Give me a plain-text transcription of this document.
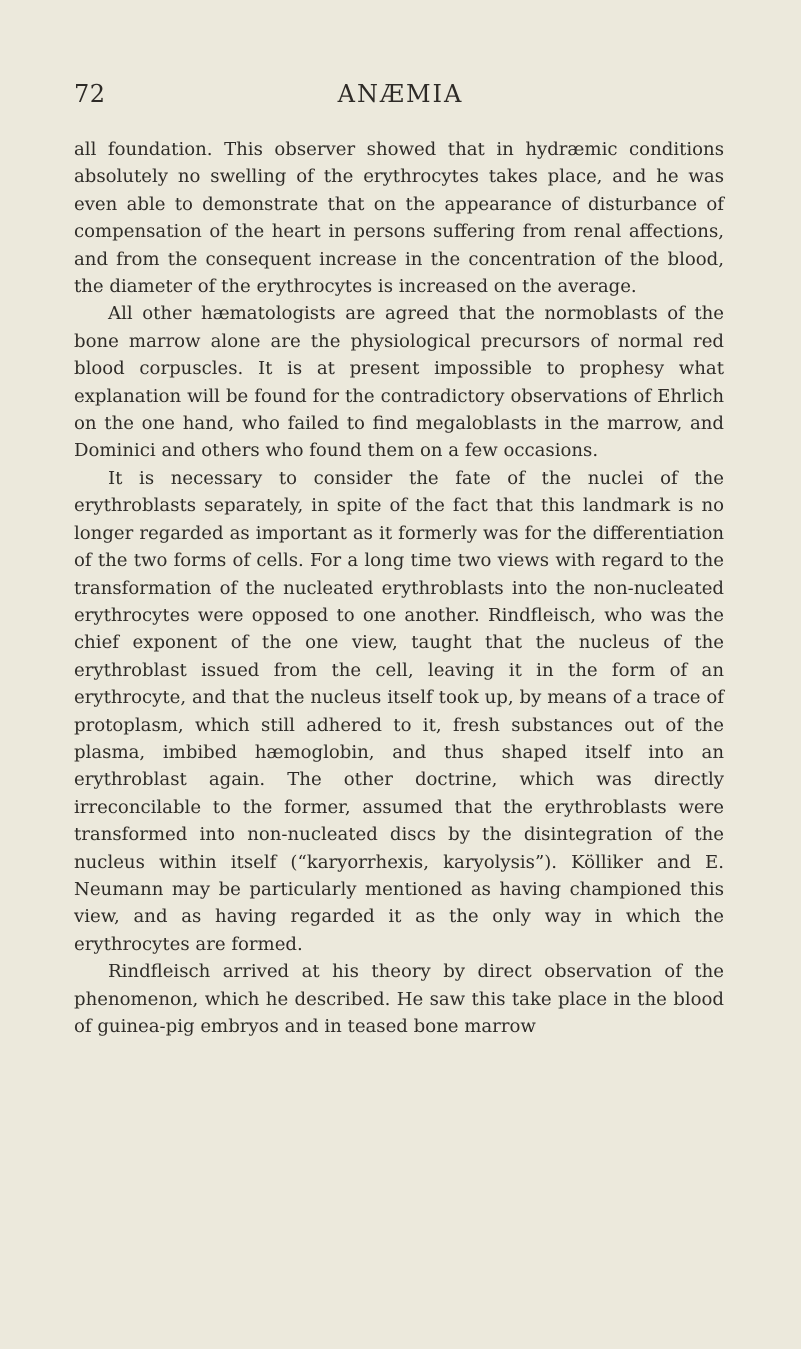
72	ANÆMIA

all foundation. This observer showed that in hydræmic conditions absolutely no swelling of the erythrocytes takes place, and he was even able to demonstrate that on the appearance of disturbance of compensation of the heart in persons suffering from renal affections, and from the consequent increase in the concentration of the blood, the diameter of the erythrocytes is increased on the average.

All other hæmatologists are agreed that the normoblasts of the bone marrow alone are the physiological precursors of normal red blood corpuscles. It is at present impossible to prophesy what explanation will be found for the contradictory observations of Ehrlich on the one hand, who failed to find megaloblasts in the marrow, and Dominici and others who found them on a few occasions.

It is necessary to consider the fate of the nuclei of the erythroblasts separately, in spite of the fact that this landmark is no longer regarded as important as it formerly was for the differentiation of the two forms of cells. For a long time two views with regard to the transformation of the nucleated erythroblasts into the non-nucleated erythrocytes were opposed to one another. Rindfleisch, who was the chief exponent of the one view, taught that the nucleus of the erythroblast issued from the cell, leaving it in the form of an erythrocyte, and that the nucleus itself took up, by means of a trace of protoplasm, which still adhered to it, fresh substances out of the plasma, imbibed hæmoglobin, and thus shaped itself into an erythroblast again. The other doctrine, which was directly irreconcilable to the former, assumed that the erythroblasts were transformed into non-nucleated discs by the disintegration of the nucleus within itself (“karyorrhexis, karyolysis”). Kölliker and E. Neumann may be particularly mentioned as having championed this view, and as having regarded it as the only way in which the erythrocytes are formed.

Rindfleisch arrived at his theory by direct observation of the phenomenon, which he described. He saw this take place in the blood of guinea-pig embryos and in teased bone marrow
